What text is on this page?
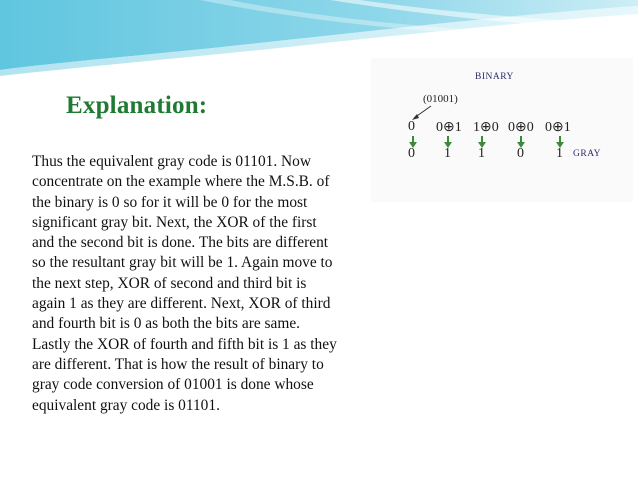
Explanation:
Thus the equivalent gray code is 01101. Now
concentrate on the example where the M.S.B. of
the binary is 0 so for it will be 0 for the most
significant gray bit. Next, the XOR of the first
and the second bit is done. The bits are different
so the resultant gray bit will be 1. Again move to
the next step, XOR of second and third bit is
again 1 as they are different. Next, XOR of third
and fourth bit is 0 as both the bits are same.
Lastly the XOR of fourth and fifth bit is 1 as they
are different. That is how the result of binary to
gray code conversion of 01001 is done whose
equivalent gray code is 01101.
BINARY
(01001)
0 0⊕1 1⊕0 0⊕0 0⊕1
0 1 1 0 1 GRAY
